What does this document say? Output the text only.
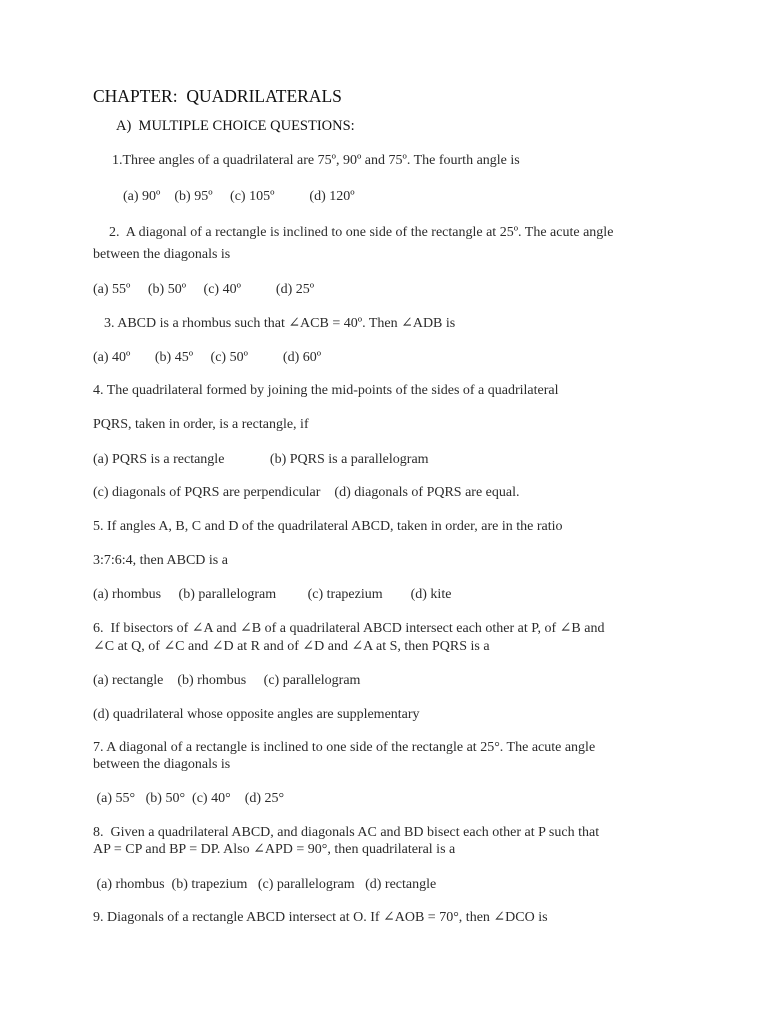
CHAPTER:  QUADRILATERALS
A)  MULTIPLE CHOICE QUESTIONS:
1.Three angles of a quadrilateral are 75º, 90º and 75º. The fourth angle is
(a) 90º    (b) 95º     (c) 105º          (d) 120º
2.  A diagonal of a rectangle is inclined to one side of the rectangle at 25º. The acute angle
between the diagonals is
(a) 55º     (b) 50º     (c) 40º          (d) 25º
3. ABCD is a rhombus such that ∠ACB = 40º. Then ∠ADB is
(a) 40º       (b) 45º     (c) 50º          (d) 60º
4. The quadrilateral formed by joining the mid-points of the sides of a quadrilateral
PQRS, taken in order, is a rectangle, if
(a) PQRS is a rectangle             (b) PQRS is a parallelogram
(c) diagonals of PQRS are perpendicular    (d) diagonals of PQRS are equal.
5. If angles A, B, C and D of the quadrilateral ABCD, taken in order, are in the ratio
3:7:6:4, then ABCD is a
(a) rhombus     (b) parallelogram         (c) trapezium        (d) kite
6.  If bisectors of ∠A and ∠B of a quadrilateral ABCD intersect each other at P, of ∠B and
∠C at Q, of ∠C and ∠D at R and of ∠D and ∠A at S, then PQRS is a
(a) rectangle    (b) rhombus     (c) parallelogram
(d) quadrilateral whose opposite angles are supplementary
7. A diagonal of a rectangle is inclined to one side of the rectangle at 25°. The acute angle
between the diagonals is
(a) 55°   (b) 50°  (c) 40°    (d) 25°
8.  Given a quadrilateral ABCD, and diagonals AC and BD bisect each other at P such that
AP = CP and BP = DP. Also ∠APD = 90°, then quadrilateral is a
(a) rhombus  (b) trapezium   (c) parallelogram   (d) rectangle
9. Diagonals of a rectangle ABCD intersect at O. If ∠AOB = 70°, then ∠DCO is
